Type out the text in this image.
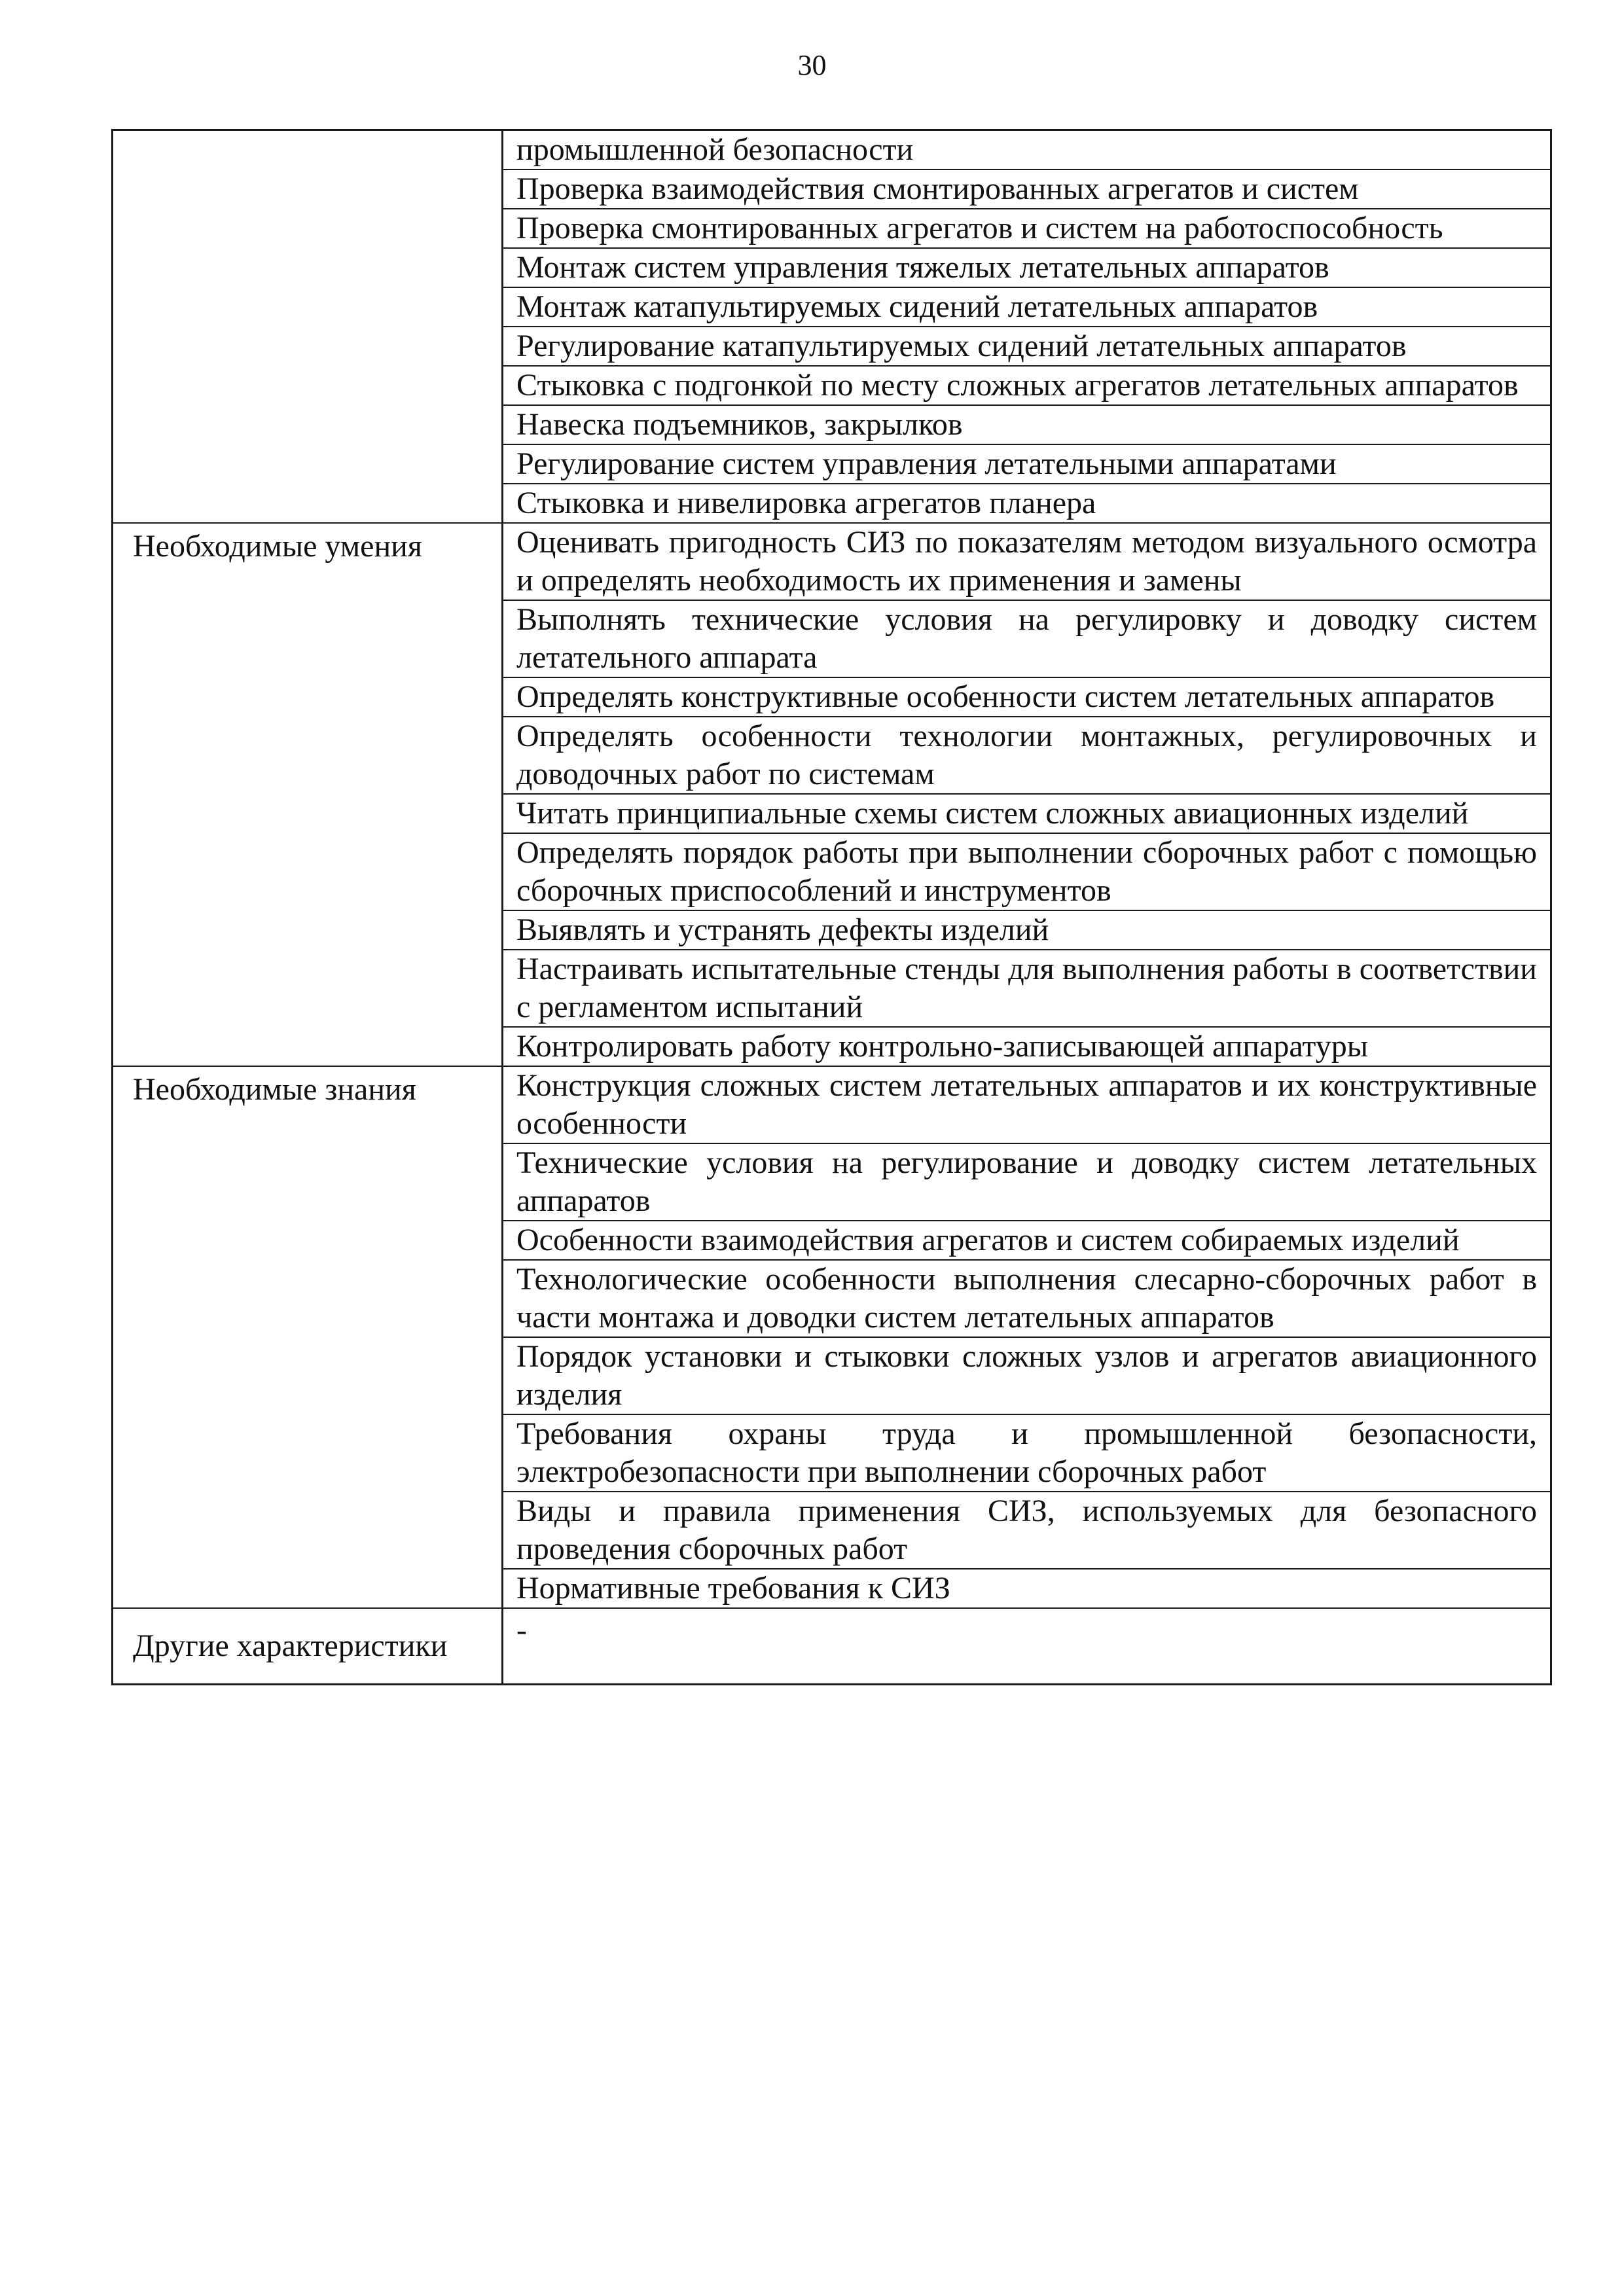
30
	промышленной безопасности
	Проверка взаимодействия смонтированных агрегатов и систем
	Проверка смонтированных агрегатов и систем на работоспособность
	Монтаж систем управления тяжелых летательных аппаратов
	Монтаж катапультируемых сидений летательных аппаратов
	Регулирование катапультируемых сидений летательных аппаратов
	Стыковка с подгонкой по месту сложных агрегатов летательных аппаратов
	Навеска подъемников, закрылков
	Регулирование систем управления летательными аппаратами
	Стыковка и нивелировка агрегатов планера
Необходимые умения	Оценивать пригодность СИЗ по показателям методом визуального осмотра и определять необходимость их применения и замены
	Выполнять технические условия на регулировку и доводку систем летательного аппарата
	Определять конструктивные особенности систем летательных аппаратов
	Определять особенности технологии монтажных, регулировочных и доводочных работ по системам
	Читать принципиальные схемы систем сложных авиационных изделий
	Определять порядок работы при выполнении сборочных работ с помощью сборочных приспособлений и инструментов
	Выявлять и устранять дефекты изделий
	Настраивать испытательные стенды для выполнения работы в соответствии с регламентом испытаний
	Контролировать работу контрольно-записывающей аппаратуры
Необходимые знания	Конструкция сложных систем летательных аппаратов и их конструктивные особенности
	Технические условия на регулирование и доводку систем летательных аппаратов
	Особенности взаимодействия агрегатов и систем собираемых изделий
	Технологические особенности выполнения слесарно-сборочных работ в части монтажа и доводки систем летательных аппаратов
	Порядок установки и стыковки сложных узлов и агрегатов авиационного изделия
	Требования охраны труда и промышленной безопасности, электробезопасности при выполнении сборочных работ
	Виды и правила применения СИЗ, используемых для безопасного проведения сборочных работ
	Нормативные требования к СИЗ
Другие характеристики	-
